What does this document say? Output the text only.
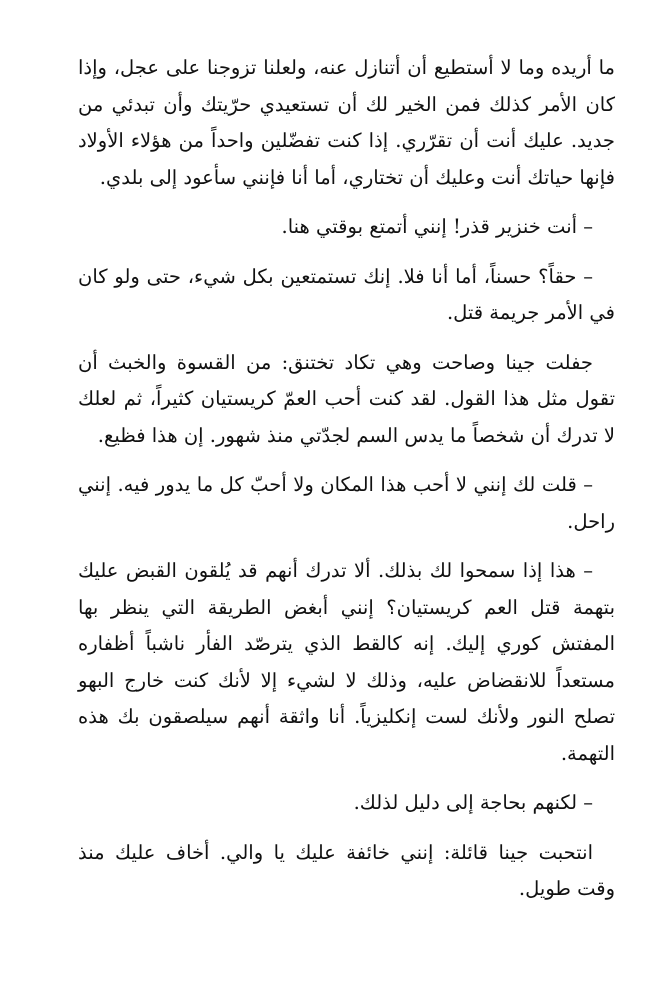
ما أريده وما لا أستطيع أن أتنازل عنه، ولعلنا تزوجنا على عجل، وإذا كان الأمر كذلك فمن الخير لك أن تستعيدي حرّيتك وأن تبدئي من جديد. عليك أنت أن تقرّري. إذا كنت تفضّلين واحداً من هؤلاء الأولاد فإنها حياتك أنت وعليك أن تختاري، أما أنا فإنني سأعود إلى بلدي.

– أنت خنزير قذر! إنني أتمتع بوقتي هنا.

– حقاً؟ حسناً، أما أنا فلا. إنك تستمتعين بكل شيء، حتى ولو كان في الأمر جريمة قتل.

جفلت جينا وصاحت وهي تكاد تختنق: من القسوة والخبث أن تقول مثل هذا القول. لقد كنت أحب العمّ كريستيان كثيراً، ثم لعلك لا تدرك أن شخصاً ما يدس السم لجدّتي منذ شهور. إن هذا فظيع.

– قلت لك إنني لا أحب هذا المكان ولا أحبّ كل ما يدور فيه. إنني راحل.

– هذا إذا سمحوا لك بذلك. ألا تدرك أنهم قد يُلقون القبض عليك بتهمة قتل العم كريستيان؟ إنني أبغض الطريقة التي ينظر بها المفتش كوري إليك. إنه كالقط الذي يترصّد الفأر ناشباً أظفاره مستعداً للانقضاض عليه، وذلك لا لشيء إلا لأنك كنت خارج البهو تصلح النور ولأنك لست إنكليزياً. أنا واثقة أنهم سيلصقون بك هذه التهمة.

– لكنهم بحاجة إلى دليل لذلك.

انتحبت جينا قائلة: إنني خائفة عليك يا والي. أخاف عليك منذ وقت طويل.
